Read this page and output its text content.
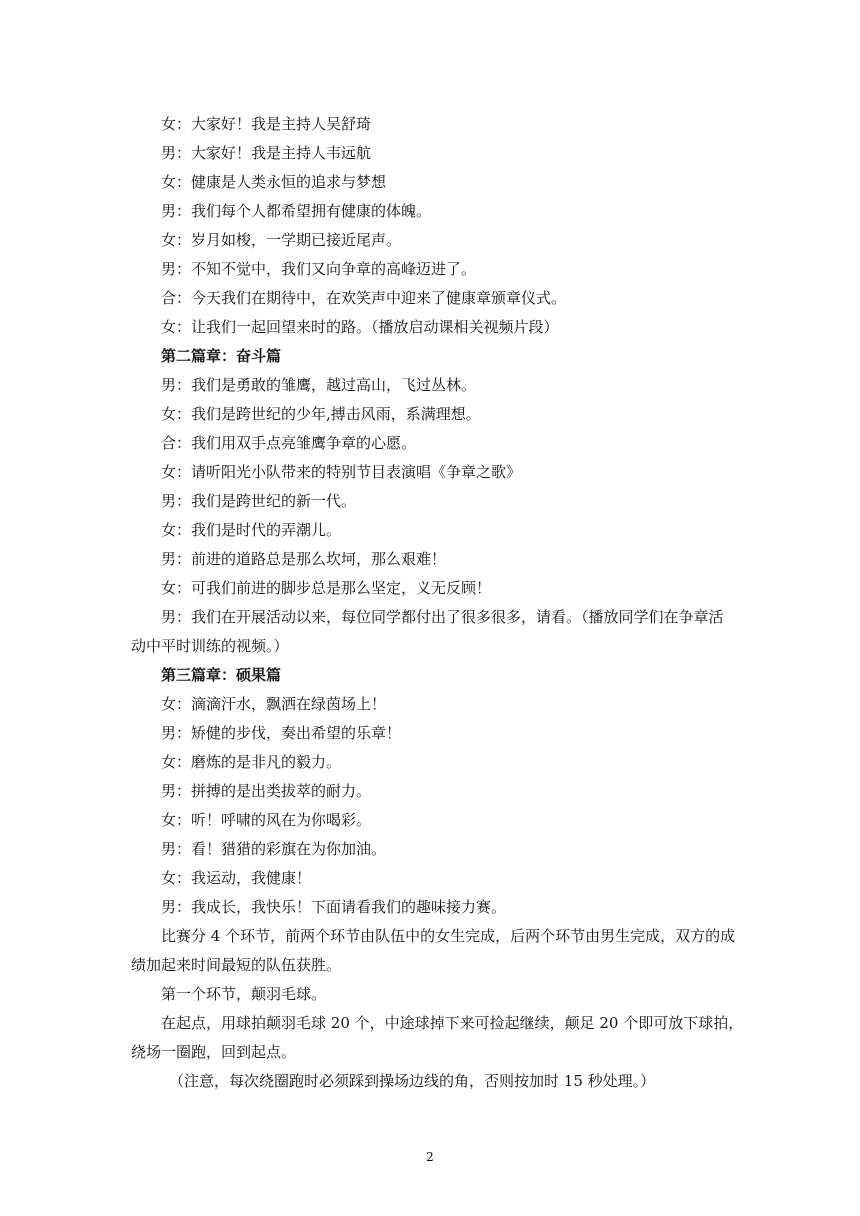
女：大家好！我是主持人吴舒琦
男：大家好！我是主持人韦远航
女：健康是人类永恒的追求与梦想
男：我们每个人都希望拥有健康的体魄。
女：岁月如梭，一学期已接近尾声。
男：不知不觉中，我们又向争章的高峰迈进了。
合：今天我们在期待中，在欢笑声中迎来了健康章颁章仪式。
女：让我们一起回望来时的路。（播放启动课相关视频片段）
第二篇章：奋斗篇
男：我们是勇敢的雏鹰，越过高山，飞过丛林。
女：我们是跨世纪的少年,搏击风雨，系满理想。
合：我们用双手点亮雏鹰争章的心愿。
女：请听阳光小队带来的特别节目表演唱《争章之歌》
男：我们是跨世纪的新一代。
女：我们是时代的弄潮儿。
男：前进的道路总是那么坎坷，那么艰难！
女：可我们前进的脚步总是那么坚定，义无反顾！
男：我们在开展活动以来，每位同学都付出了很多很多，请看。（播放同学们在争章活
动中平时训练的视频。）
第三篇章：硕果篇
女：滴滴汗水，飘洒在绿茵场上！
男：矫健的步伐，奏出希望的乐章！
女：磨炼的是非凡的毅力。
男：拼搏的是出类拔萃的耐力。
女：听！呼啸的风在为你喝彩。
男：看！猎猎的彩旗在为你加油。
女：我运动，我健康！
男：我成长，我快乐！下面请看我们的趣味接力赛。
比赛分 4 个环节，前两个环节由队伍中的女生完成，后两个环节由男生完成，双方的成
绩加起来时间最短的队伍获胜。
第一个环节，颠羽毛球。
在起点，用球拍颠羽毛球 20 个，中途球掉下来可捡起继续，颠足 20 个即可放下球拍，
绕场一圈跑，回到起点。
（注意，每次绕圈跑时必须踩到操场边线的角，否则按加时 15 秒处理。）
2
